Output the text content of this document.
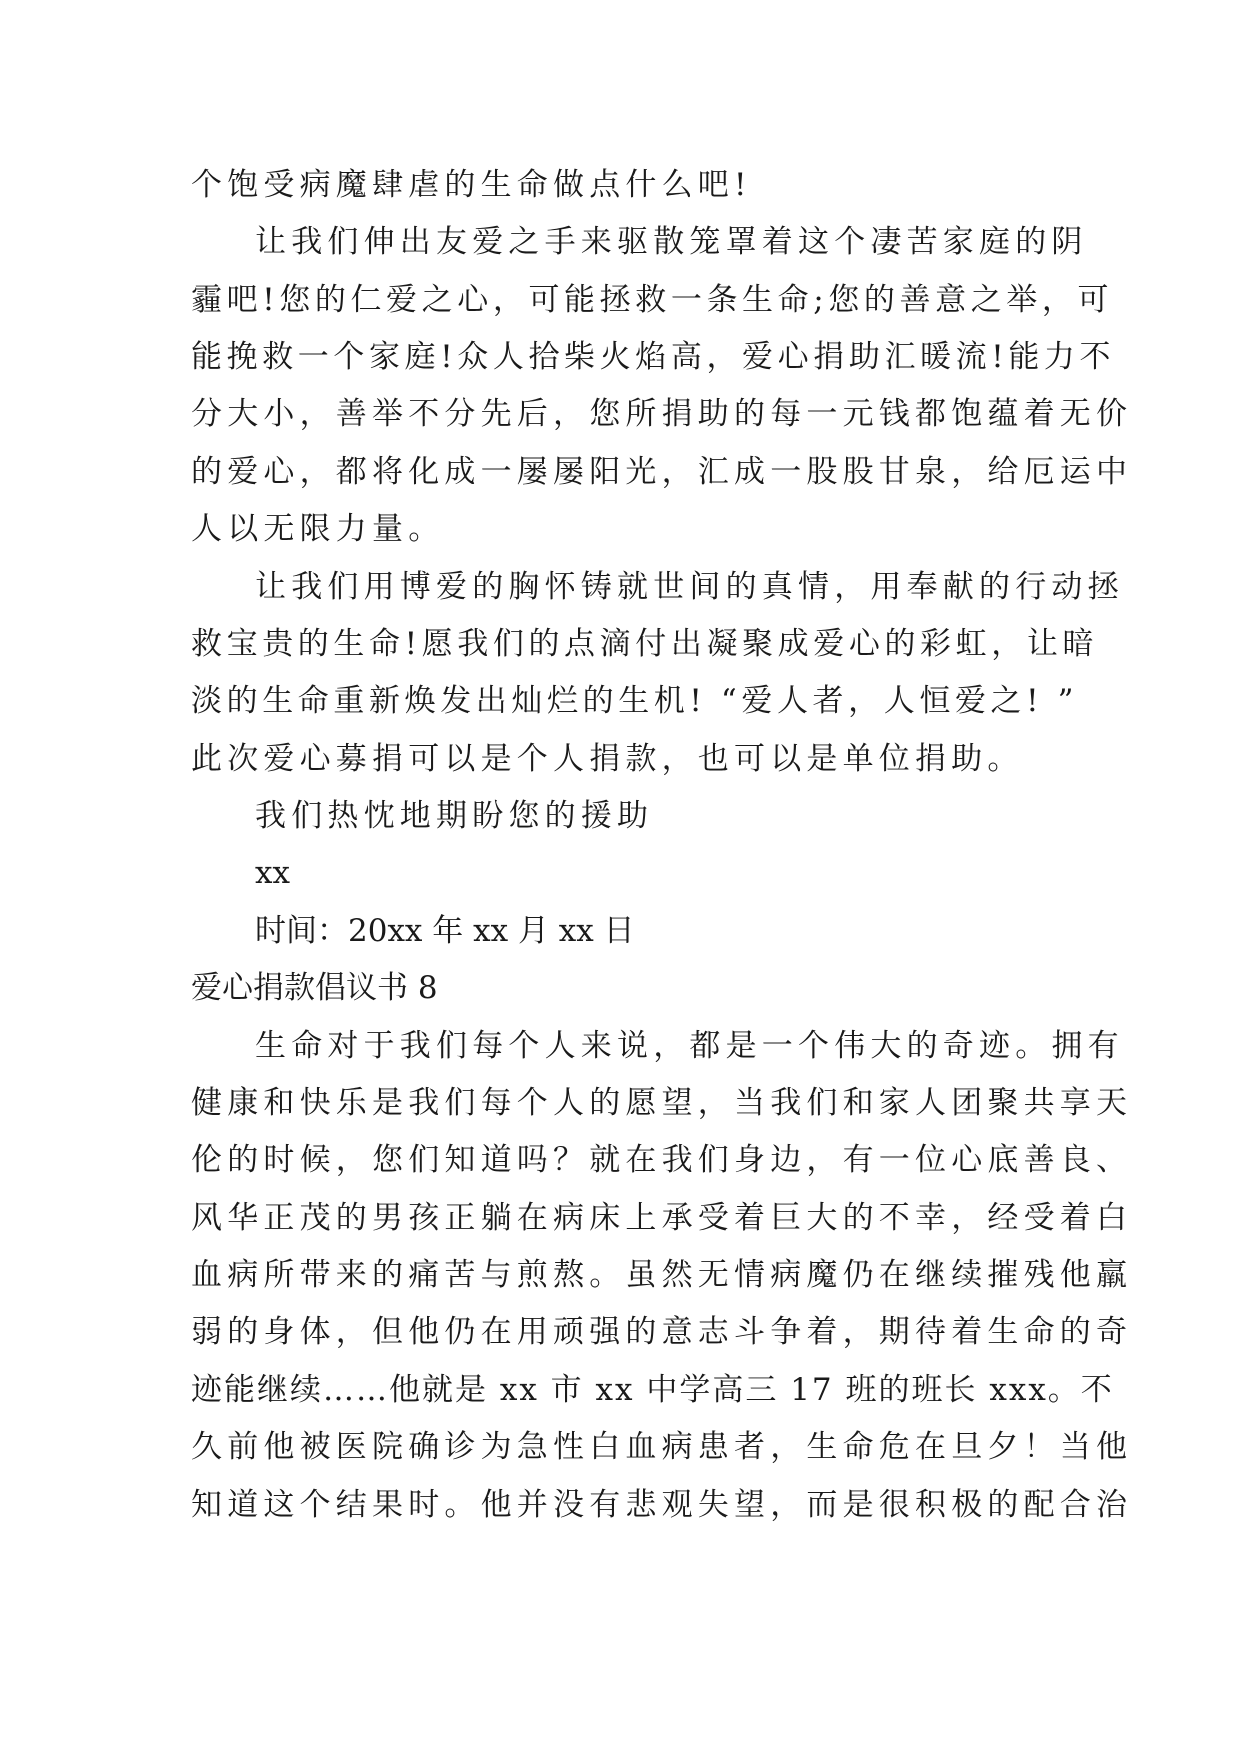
个饱受病魔肆虐的生命做点什么吧!
让我们伸出友爱之手来驱散笼罩着这个凄苦家庭的阴
霾吧!您的仁爱之心，可能拯救一条生命;您的善意之举，可
能挽救一个家庭!众人拾柴火焰高，爱心捐助汇暖流!能力不
分大小，善举不分先后，您所捐助的每一元钱都饱蕴着无价
的爱心，都将化成一屡屡阳光，汇成一股股甘泉，给厄运中
人以无限力量。
让我们用博爱的胸怀铸就世间的真情，用奉献的行动拯
救宝贵的生命!愿我们的点滴付出凝聚成爱心的彩虹，让暗
淡的生命重新焕发出灿烂的生机! “爱人者，人恒爱之! ”
此次爱心募捐可以是个人捐款，也可以是单位捐助。
我们热忱地期盼您的援助
xx
时间：20xx 年 xx 月 xx 日
爱心捐款倡议书 8
生命对于我们每个人来说，都是一个伟大的奇迹。拥有
健康和快乐是我们每个人的愿望，当我们和家人团聚共享天
伦的时候，您们知道吗？就在我们身边，有一位心底善良、
风华正茂的男孩正躺在病床上承受着巨大的不幸，经受着白
血病所带来的痛苦与煎熬。虽然无情病魔仍在继续摧残他羸
弱的身体，但他仍在用顽强的意志斗争着，期待着生命的奇
迹能继续……他就是 xx 市 xx 中学高三 17 班的班长 xxx。不
久前他被医院确诊为急性白血病患者，生命危在旦夕！当他
知道这个结果时。他并没有悲观失望，而是很积极的配合治
